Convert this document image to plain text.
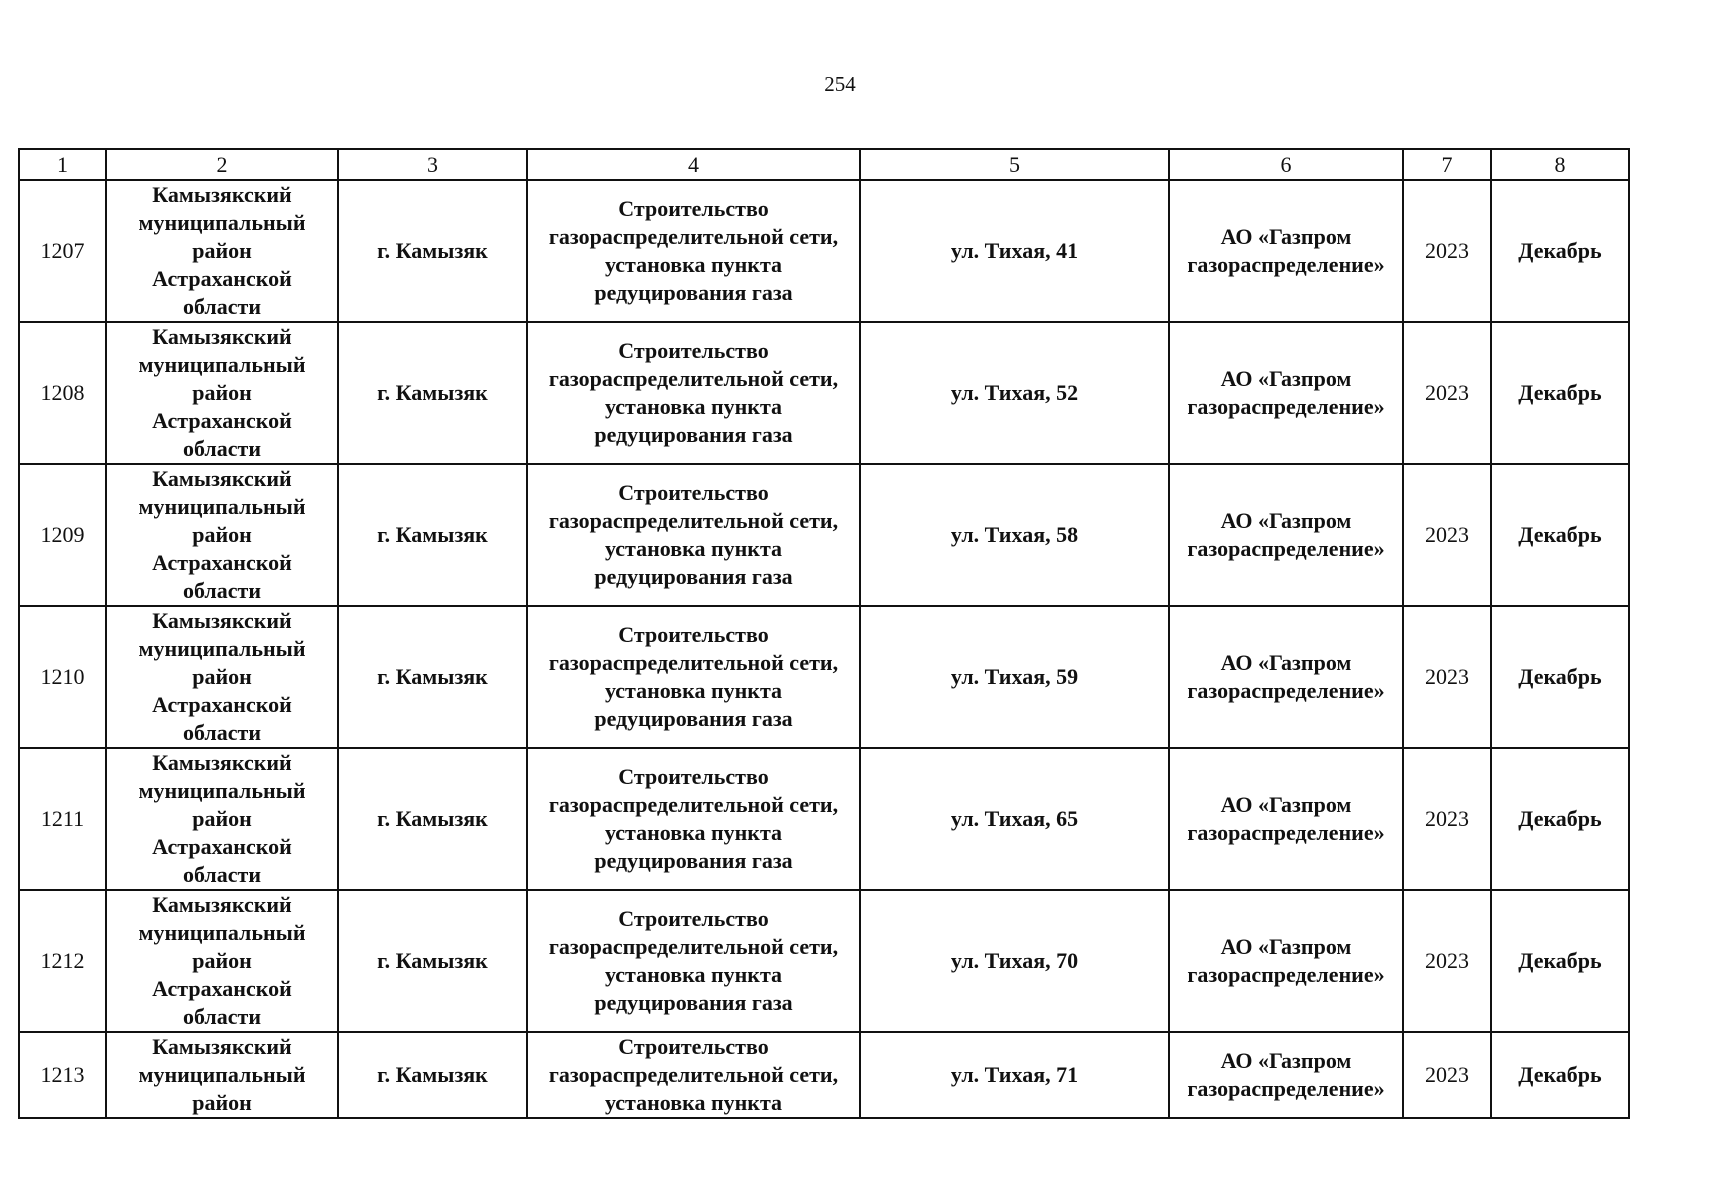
254
1	2	3	4	5	6	7	8
1207	Камызякский
муниципальный
район
Астраханской
области	г. Камызяк	Строительство
газораспределительной сети,
установка пункта
редуцирования газа	ул. Тихая, 41	АО «Газпром
газораспределение»	2023	Декабрь
1208	Камызякский
муниципальный
район
Астраханской
области	г. Камызяк	Строительство
газораспределительной сети,
установка пункта
редуцирования газа	ул. Тихая, 52	АО «Газпром
газораспределение»	2023	Декабрь
1209	Камызякский
муниципальный
район
Астраханской
области	г. Камызяк	Строительство
газораспределительной сети,
установка пункта
редуцирования газа	ул. Тихая, 58	АО «Газпром
газораспределение»	2023	Декабрь
1210	Камызякский
муниципальный
район
Астраханской
области	г. Камызяк	Строительство
газораспределительной сети,
установка пункта
редуцирования газа	ул. Тихая, 59	АО «Газпром
газораспределение»	2023	Декабрь
1211	Камызякский
муниципальный
район
Астраханской
области	г. Камызяк	Строительство
газораспределительной сети,
установка пункта
редуцирования газа	ул. Тихая, 65	АО «Газпром
газораспределение»	2023	Декабрь
1212	Камызякский
муниципальный
район
Астраханской
области	г. Камызяк	Строительство
газораспределительной сети,
установка пункта
редуцирования газа	ул. Тихая, 70	АО «Газпром
газораспределение»	2023	Декабрь
1213	Камызякский
муниципальный
район	г. Камызяк	Строительство
газораспределительной сети,
установка пункта	ул. Тихая, 71	АО «Газпром
газораспределение»	2023	Декабрь
